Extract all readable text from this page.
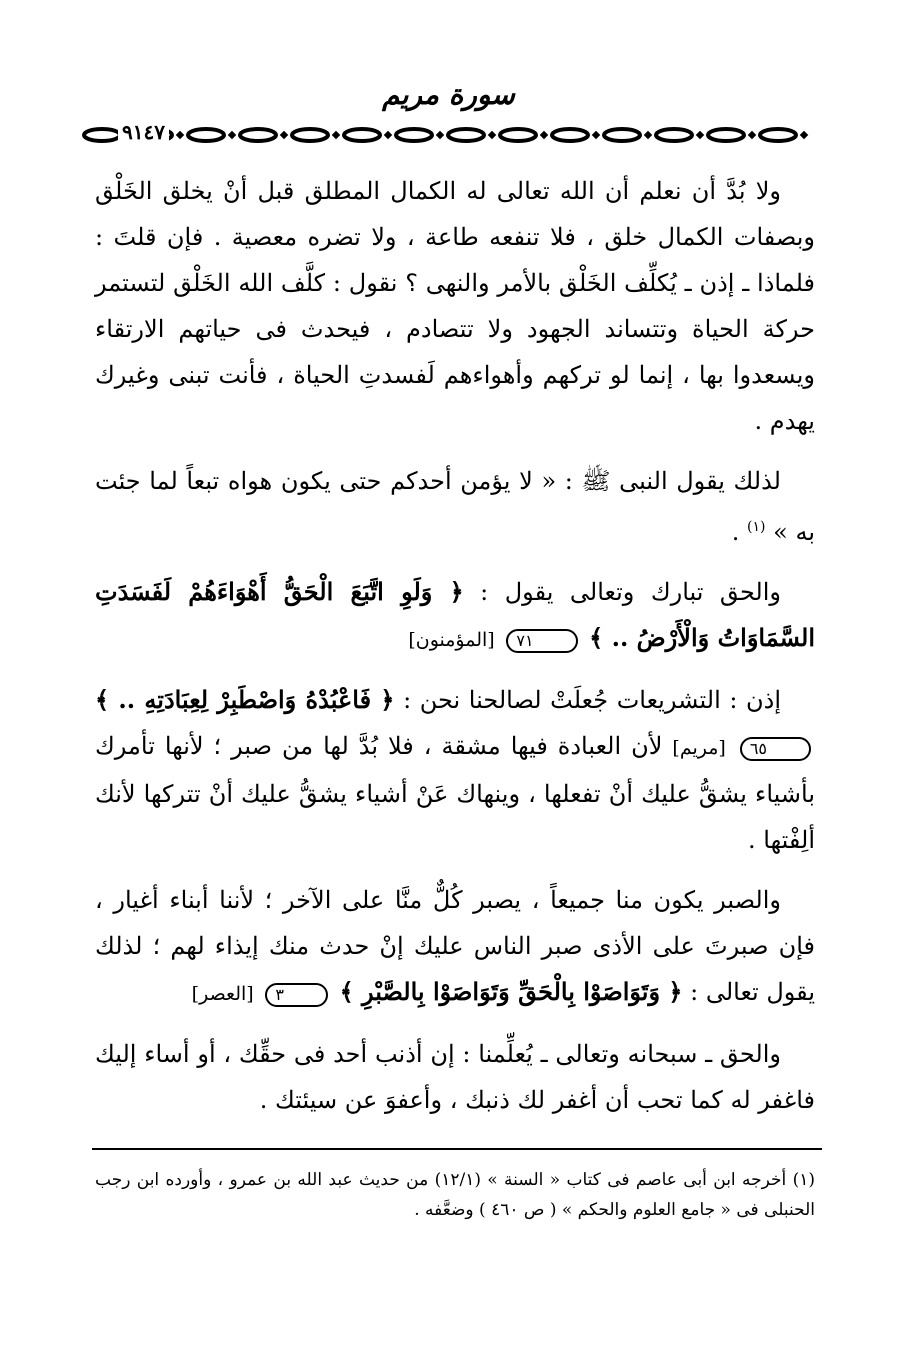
سورة مريم
٩١٤٧

ولا بُدَّ أن نعلم أن الله تعالى له الكمال المطلق قبل أنْ يخلق الخَلْق وبصفات الكمال خلق ، فلا تنفعه طاعة ، ولا تضره معصية . فإن قلتَ : فلماذا ـ إذن ـ يُكلِّف الخَلْق بالأمر والنهى ؟ نقول : كلَّف الله الخَلْق لتستمر حركة الحياة وتتساند الجهود ولا تتصادم ، فيحدث فى حياتهم الارتقاء ويسعدوا بها ، إنما لو تركهم وأهواءهم لَفسدتِ الحياة ، فأنت تبنى وغيرك يهدم .

لذلك يقول النبى ﷺ : « لا يؤمن أحدكم حتى يكون هواه تبعاً لما جئت به » $^{(١)}$ .

والحق تبارك وتعالى يقول : ﴿ وَلَوِ اتَّبَعَ الْحَقُّ أَهْوَاءَهُمْ لَفَسَدَتِ السَّمَاوَاتُ وَالْأَرْضُ .. ﴾ ٧١ [المؤمنون]

إذن : التشريعات جُعلَتْ لصالحنا نحن : ﴿ فَاعْبُدْهُ وَاصْطَبِرْ لِعِبَادَتِهِ .. ﴾ ٦٥ [مريم] لأن العبادة فيها مشقة ، فلا بُدَّ لها من صبر ؛ لأنها تأمرك بأشياء يشقُّ عليك أنْ تفعلها ، وينهاك عَنْ أشياء يشقُّ عليك أنْ تتركها لأنك ألِفْتها .

والصبر يكون منا جميعاً ، يصبر كُلٌّ منَّا على الآخر ؛ لأننا أبناء أغيار ، فإن صبرتَ على الأذى صبر الناس عليك إنْ حدث منك إيذاء لهم ؛ لذلك يقول تعالى : ﴿ وَتَوَاصَوْا بِالْحَقِّ وَتَوَاصَوْا بِالصَّبْرِ ﴾ ٣ [العصر]

والحق ـ سبحانه وتعالى ـ يُعلِّمنا : إن أذنب أحد فى حقِّك ، أو أساء إليك فاغفر له كما تحب أن أغفر لك ذنبك ، وأعفوَ عن سيئتك .

(١) أخرجه ابن أبى عاصم فى كتاب « السنة » (١٢/١) من حديث عبد الله بن عمرو ، وأورده ابن رجب الحنبلى فى « جامع العلوم والحكم » ( ص ٤٦٠ ) وضعَّفه .
